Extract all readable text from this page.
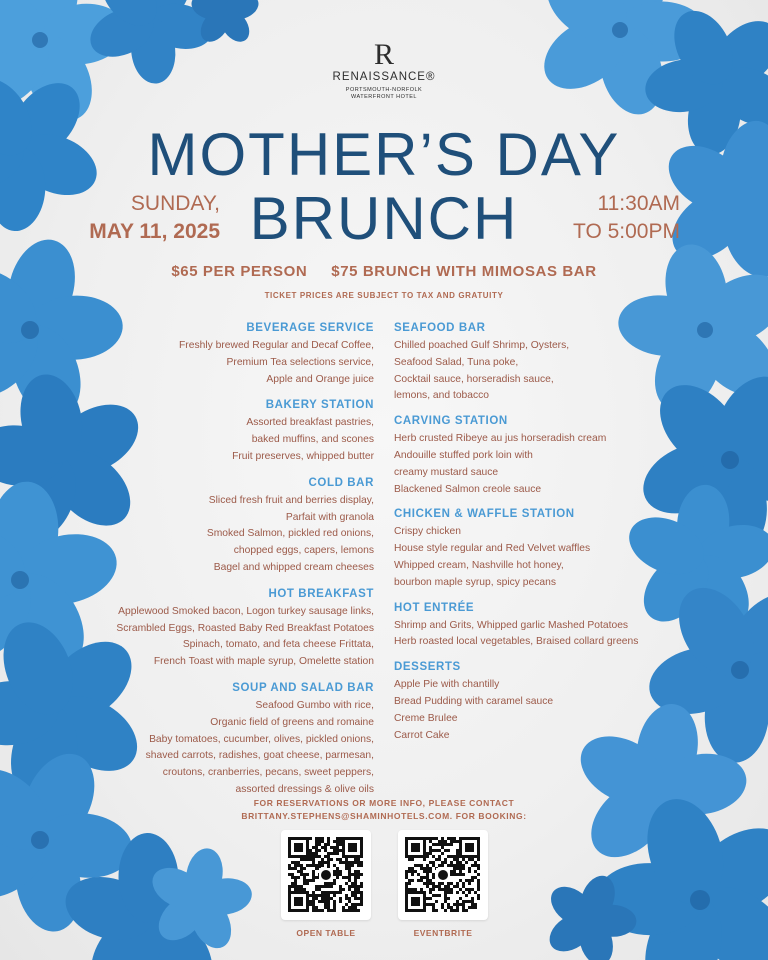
R
RENAISSANCE®
PORTSMOUTH-NORFOLK
WATERFRONT HOTEL
MOTHER’S DAY
BRUNCH
SUNDAY,
MAY 11, 2025
11:30AM
TO 5:00PM
$65 PER PERSON $75 BRUNCH WITH MIMOSAS BAR
TICKET PRICES ARE SUBJECT TO TAX AND GRATUITY
BEVERAGE SERVICE

Freshly brewed Regular and Decaf Coffee,

Premium Tea selections service,

Apple and Orange juice

BAKERY STATION

Assorted breakfast pastries,

baked muffins, and scones

Fruit preserves, whipped butter

COLD BAR

Sliced fresh fruit and berries display,

Parfait with granola

Smoked Salmon, pickled red onions,

chopped eggs, capers, lemons

Bagel and whipped cream cheeses

HOT BREAKFAST

Applewood Smoked bacon, Logon turkey sausage links,

Scrambled Eggs, Roasted Baby Red Breakfast Potatoes

Spinach, tomato, and feta cheese Frittata,

French Toast with maple syrup, Omelette station

SOUP AND SALAD BAR

Seafood Gumbo with rice,

Organic field of greens and romaine

Baby tomatoes, cucumber, olives, pickled onions,

shaved carrots, radishes, goat cheese, parmesan,

croutons, cranberries, pecans, sweet peppers,

assorted dressings & olive oils

SEAFOOD BAR

Chilled poached Gulf Shrimp, Oysters,

Seafood Salad, Tuna poke,

Cocktail sauce, horseradish sauce,

lemons, and tobacco

CARVING STATION

Herb crusted Ribeye au jus horseradish cream

Andouille stuffed pork loin with

creamy mustard sauce

Blackened Salmon creole sauce

CHICKEN & WAFFLE STATION

Crispy chicken

House style regular and Red Velvet waffles

Whipped cream, Nashville hot honey,

bourbon maple syrup, spicy pecans

HOT ENTRÉE

Shrimp and Grits, Whipped garlic Mashed Potatoes

Herb roasted local vegetables, Braised collard greens

DESSERTS

Apple Pie with chantilly

Bread Pudding with caramel sauce

Creme Brulee

Carrot Cake

FOR RESERVATIONS OR MORE INFO, PLEASE CONTACT
BRITTANY.STEPHENS@SHAMINHOTELS.COM. FOR BOOKING:
OPEN TABLE	EVENTBRITE
